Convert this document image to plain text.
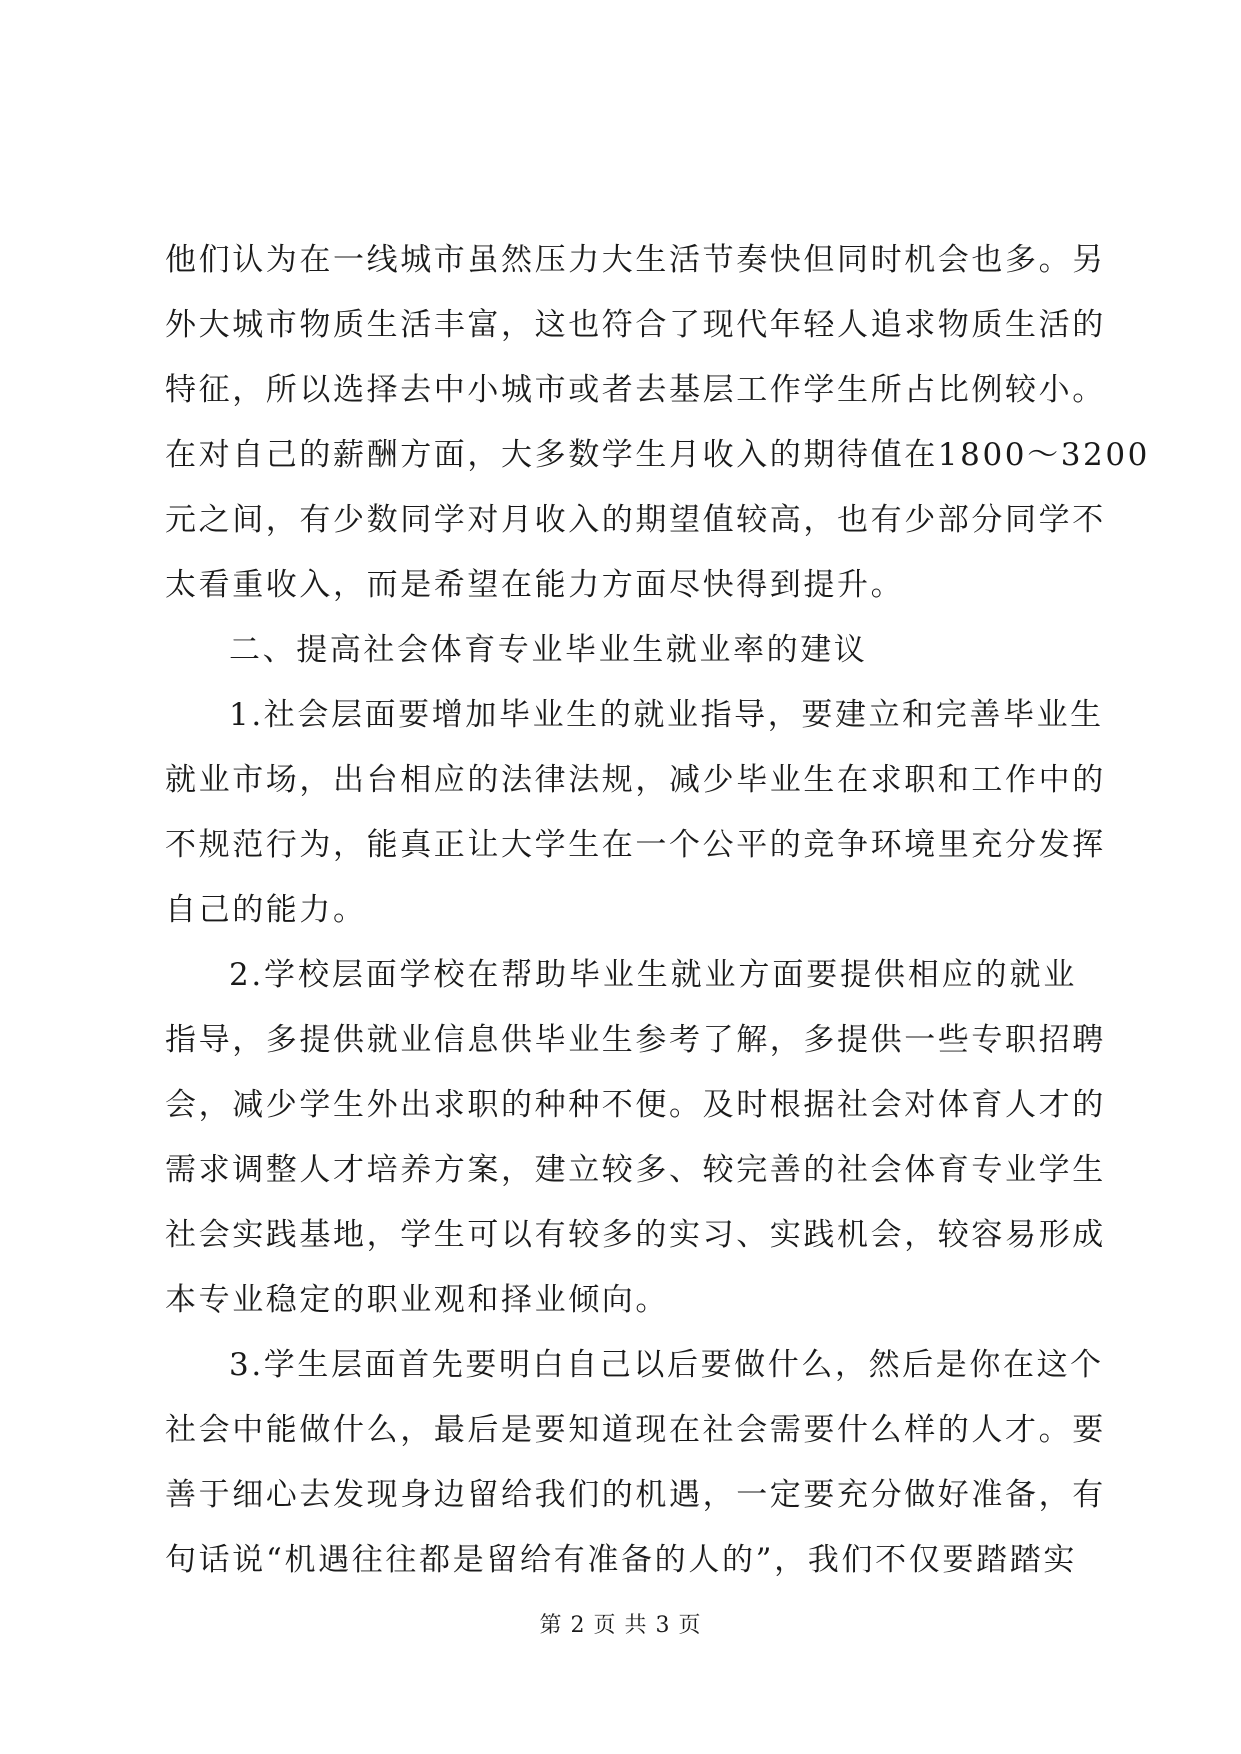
他们认为在一线城市虽然压力大生活节奏快但同时机会也多。另
外大城市物质生活丰富，这也符合了现代年轻人追求物质生活的
特征，所以选择去中小城市或者去基层工作学生所占比例较小。
在对自己的薪酬方面，大多数学生月收入的期待值在1800～3200
元之间，有少数同学对月收入的期望值较高，也有少部分同学不
太看重收入，而是希望在能力方面尽快得到提升。
二、提高社会体育专业毕业生就业率的建议
1.社会层面要增加毕业生的就业指导，要建立和完善毕业生
就业市场，出台相应的法律法规，减少毕业生在求职和工作中的
不规范行为，能真正让大学生在一个公平的竞争环境里充分发挥
自己的能力。
2.学校层面学校在帮助毕业生就业方面要提供相应的就业
指导，多提供就业信息供毕业生参考了解，多提供一些专职招聘
会，减少学生外出求职的种种不便。及时根据社会对体育人才的
需求调整人才培养方案，建立较多、较完善的社会体育专业学生
社会实践基地，学生可以有较多的实习、实践机会，较容易形成
本专业稳定的职业观和择业倾向。
3.学生层面首先要明白自己以后要做什么，然后是你在这个
社会中能做什么，最后是要知道现在社会需要什么样的人才。要
善于细心去发现身边留给我们的机遇，一定要充分做好准备，有
句话说“机遇往往都是留给有准备的人的”，我们不仅要踏踏实
第 2 页 共 3 页
